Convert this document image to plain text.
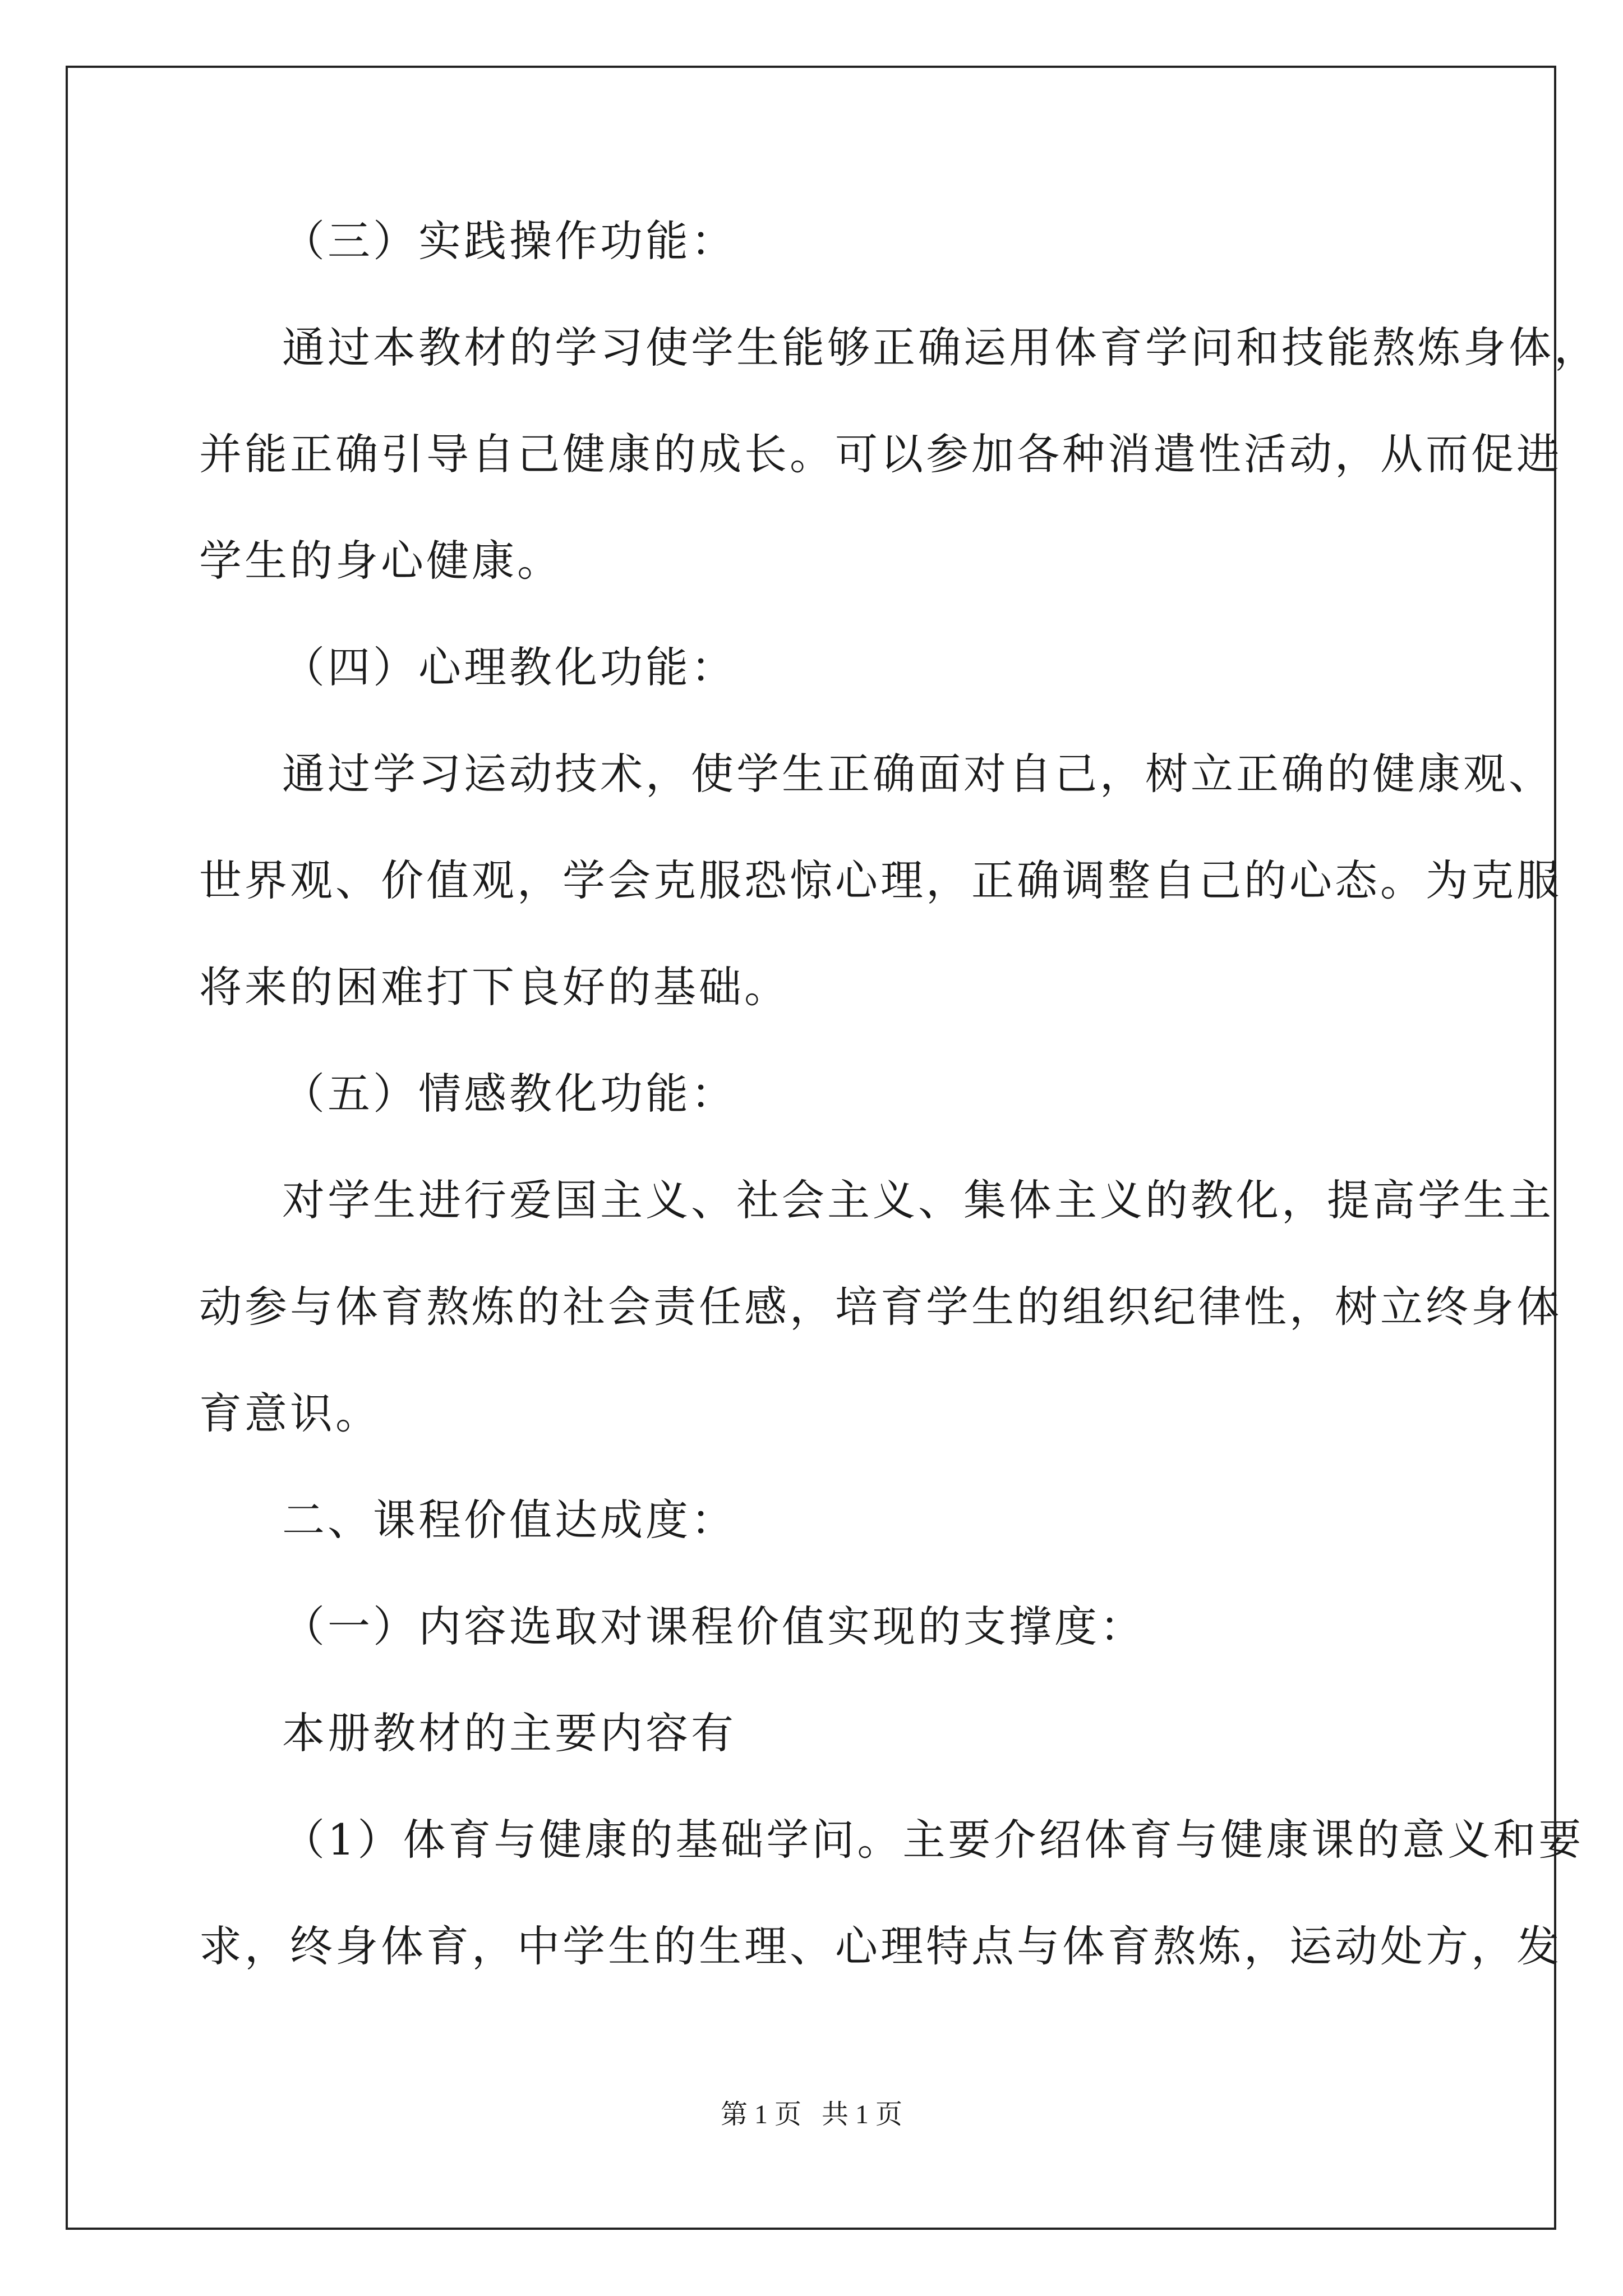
（三）实践操作功能：
通过本教材的学习使学生能够正确运用体育学问和技能熬炼身体，
并能正确引导自己健康的成长。可以参加各种消遣性活动，从而促进
学生的身心健康。
（四）心理教化功能：
通过学习运动技术，使学生正确面对自己，树立正确的健康观、
世界观、价值观，学会克服恐惊心理，正确调整自己的心态。为克服
将来的困难打下良好的基础。
（五）情感教化功能：
对学生进行爱国主义、社会主义、集体主义的教化，提高学生主
动参与体育熬炼的社会责任感，培育学生的组织纪律性，树立终身体
育意识。
二、课程价值达成度：
（一）内容选取对课程价值实现的支撑度：
本册教材的主要内容有
（1）体育与健康的基础学问。主要介绍体育与健康课的意义和要
求，终身体育，中学生的生理、心理特点与体育熬炼，运动处方，发
第 1 页   共 1 页
